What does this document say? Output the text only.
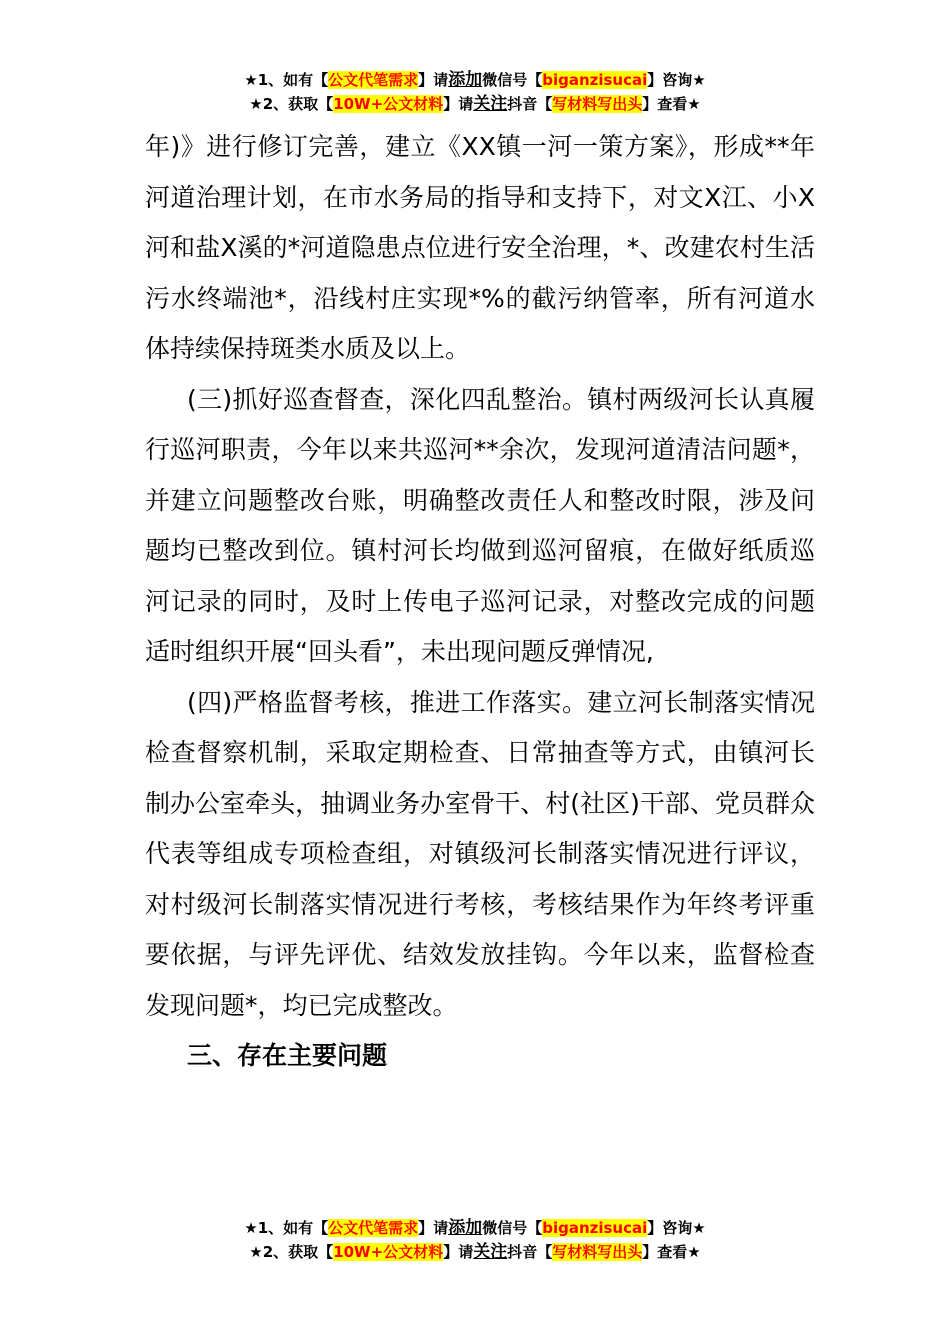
★1、如有【公文代笔需求】请添加微信号【biganzisucai】咨询★
★2、获取【10W+公文材料】请关注抖音【写材料写出头】查看★

年)》进行修订完善，建立《XX镇一河一策方案》，形成**年河道治理计划，在市水务局的指导和支持下，对文X江、小X河和盐X溪的*河道隐患点位进行安全治理，*、改建农村生活污水终端池*，沿线村庄实现*%的截污纳管率，所有河道水体持续保持斑类水质及以上。

(三)抓好巡查督查，深化四乱整治。镇村两级河长认真履行巡河职责，今年以来共巡河**余次，发现河道清洁问题*，并建立问题整改台账，明确整改责任人和整改时限，涉及问题均已整改到位。镇村河长均做到巡河留痕，在做好纸质巡河记录的同时，及时上传电子巡河记录，对整改完成的问题适时组织开展“回头看”，未出现问题反弹情况,

(四)严格监督考核，推进工作落实。建立河长制落实情况检查督察机制，采取定期检查、日常抽查等方式，由镇河长制办公室牵头，抽调业务办室骨干、村(社区)干部、党员群众代表等组成专项检查组，对镇级河长制落实情况进行评议，对村级河长制落实情况进行考核，考核结果作为年终考评重要依据，与评先评优、结效发放挂钩。今年以来，监督检查发现问题*，均已完成整改。

三、存在主要问题
★1、如有【公文代笔需求】请添加微信号【biganzisucai】咨询★
★2、获取【10W+公文材料】请关注抖音【写材料写出头】查看★
